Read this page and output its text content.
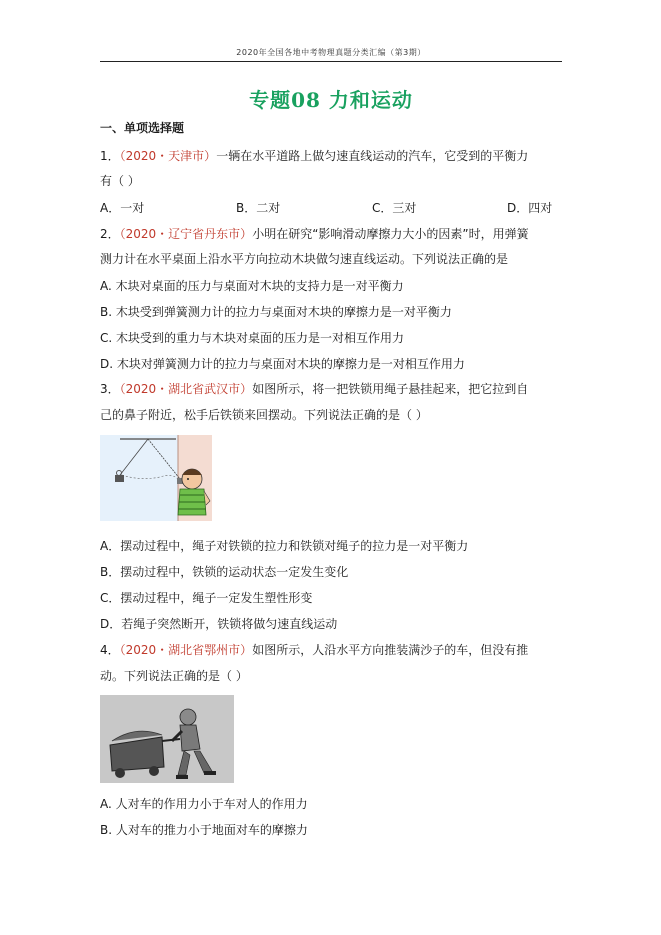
2020年全国各地中考物理真题分类汇编（第3期）
专题08 力和运动
一、单项选择题
1．（2020・天津市）一辆在水平道路上做匀速直线运动的汽车，它受到的平衡力
有（ ）
A．一对	B．二对	C．三对	D．四对
2．（2020・辽宁省丹东市）小明在研究“影响滑动摩擦力大小的因素”时，用弹簧
测力计在水平桌面上沿水平方向拉动木块做匀速直线运动。下列说法正确的是
A. 木块对桌面的压力与桌面对木块的支持力是一对平衡力
B. 木块受到弹簧测力计的拉力与桌面对木块的摩擦力是一对平衡力
C. 木块受到的重力与木块对桌面的压力是一对相互作用力
D. 木块对弹簧测力计的拉力与桌面对木块的摩擦力是一对相互作用力
3．（2020・湖北省武汉市）如图所示，将一把铁锁用绳子悬挂起来，把它拉到自
己的鼻子附近，松手后铁锁来回摆动。下列说法正确的是（ ）
A．摆动过程中，绳子对铁锁的拉力和铁锁对绳子的拉力是一对平衡力
B．摆动过程中，铁锁的运动状态一定发生变化
C．摆动过程中，绳子一定发生塑性形变
D．若绳子突然断开，铁锁将做匀速直线运动
4．（2020・湖北省鄂州市）如图所示，人沿水平方向推装满沙子的车，但没有推
动。下列说法正确的是（ ）
A. 人对车的作用力小于车对人的作用力
B. 人对车的推力小于地面对车的摩擦力
